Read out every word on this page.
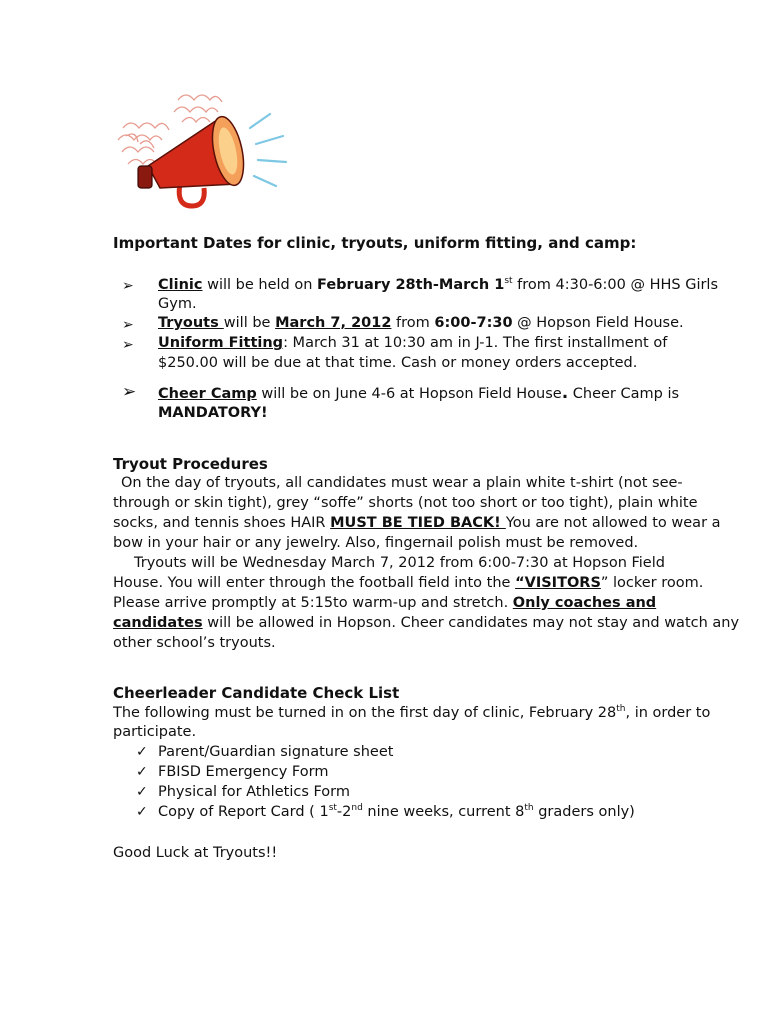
Important Dates for clinic, tryouts, uniform fitting, and camp:
➢ Clinic will be held on February 28th-March 1st from 4:30-6:00 @ HHS Girls
Gym.
➢ Tryouts will be March 7, 2012 from 6:00-7:30 @ Hopson Field House.
➢ Uniform Fitting: March 31 at 10:30 am in J-1. The first installment of
$250.00 will be due at that time. Cash or money orders accepted.
➢ Cheer Camp will be on June 4-6 at Hopson Field House. Cheer Camp is
MANDATORY!
Tryout Procedures
On the day of tryouts, all candidates must wear a plain white t-shirt (not see-
through or skin tight), grey “soffe” shorts (not too short or too tight), plain white
socks, and tennis shoes HAIR MUST BE TIED BACK! You are not allowed to wear a
bow in your hair or any jewelry. Also, fingernail polish must be removed.
Tryouts will be Wednesday March 7, 2012 from 6:00-7:30 at Hopson Field
House. You will enter through the football field into the “VISITORS” locker room.
Please arrive promptly at 5:15to warm-up and stretch. Only coaches and
candidates will be allowed in Hopson. Cheer candidates may not stay and watch any
other school’s tryouts.
Cheerleader Candidate Check List
The following must be turned in on the first day of clinic, February 28th, in order to
participate.
✓ Parent/Guardian signature sheet
✓ FBISD Emergency Form
✓ Physical for Athletics Form
✓ Copy of Report Card ( 1st-2nd nine weeks, current 8th graders only)
Good Luck at Tryouts!!
